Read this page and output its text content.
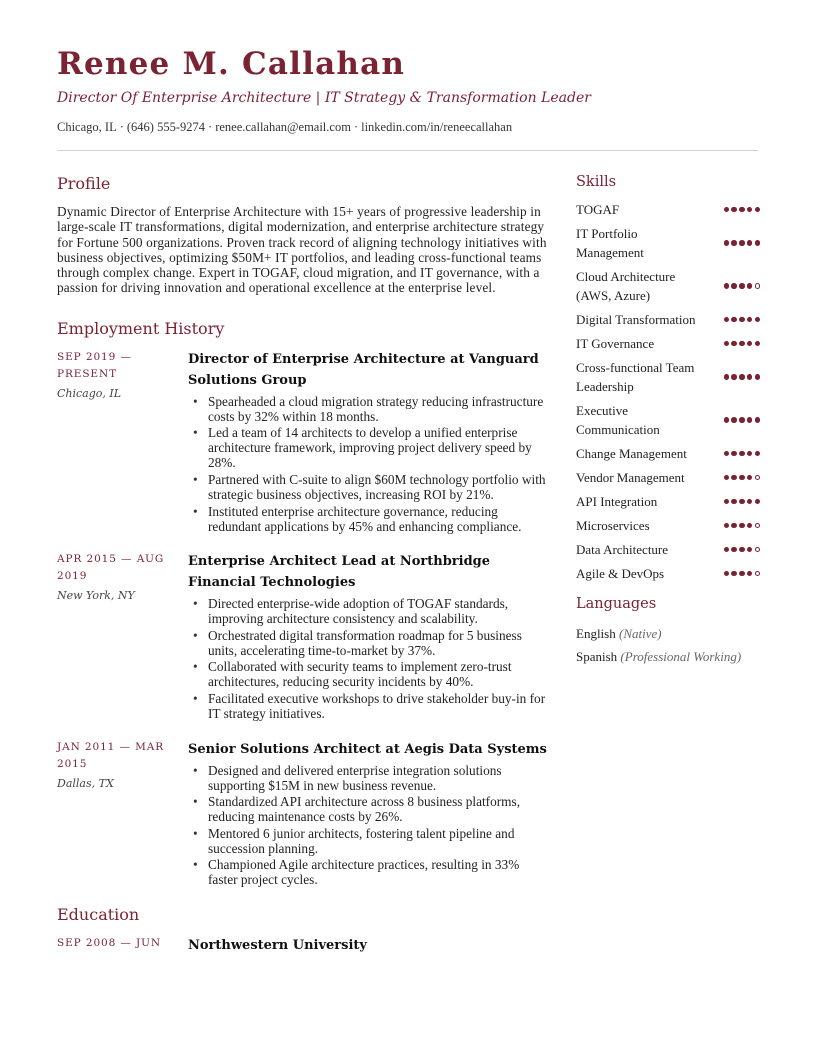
Renee M. Callahan
Director Of Enterprise Architecture | IT Strategy & Transformation Leader
Chicago, IL · (646) 555-9274 · renee.callahan@email.com · linkedin.com/in/reneecallahan
Profile

Dynamic Director of Enterprise Architecture with 15+ years of progressive leadership in large-scale IT transformations, digital modernization, and enterprise architecture strategy for Fortune 500 organizations. Proven track record of aligning technology initiatives with business objectives, optimizing $50M+ IT portfolios, and leading cross-functional teams through complex change. Expert in TOGAF, cloud migration, and IT governance, with a passion for driving innovation and operational excellence at the enterprise level.

Employment History
SEP 2019 — PRESENT
Chicago, IL
Director of Enterprise Architecture at Vanguard Solutions Group
• Spearheaded a cloud migration strategy reducing infrastructure costs by 32% within 18 months.
• Led a team of 14 architects to develop a unified enterprise architecture framework, improving project delivery speed by 28%.
• Partnered with C-suite to align $60M technology portfolio with strategic business objectives, increasing ROI by 21%.
• Instituted enterprise architecture governance, reducing redundant applications by 45% and enhancing compliance.
APR 2015 — AUG 2019
New York, NY
Enterprise Architect Lead at Northbridge Financial Technologies
• Directed enterprise-wide adoption of TOGAF standards, improving architecture consistency and scalability.
• Orchestrated digital transformation roadmap for 5 business units, accelerating time-to-market by 37%.
• Collaborated with security teams to implement zero-trust architectures, reducing security incidents by 40%.
• Facilitated executive workshops to drive stakeholder buy-in for IT strategy initiatives.
JAN 2011 — MAR 2015
Dallas, TX
Senior Solutions Architect at Aegis Data Systems
• Designed and delivered enterprise integration solutions supporting $15M in new business revenue.
• Standardized API architecture across 8 business platforms, reducing maintenance costs by 26%.
• Mentored 6 junior architects, fostering talent pipeline and succession planning.
• Championed Agile architecture practices, resulting in 33% faster project cycles.
Education
SEP 2008 — JUN	Northwestern University
Skills
TOGAF
IT Portfolio Management
Cloud Architecture (AWS, Azure)
Digital Transformation
IT Governance
Cross-functional Team Leadership
Executive Communication
Change Management
Vendor Management
API Integration
Microservices
Data Architecture
Agile & DevOps
Languages
English (Native)
Spanish (Professional Working)
